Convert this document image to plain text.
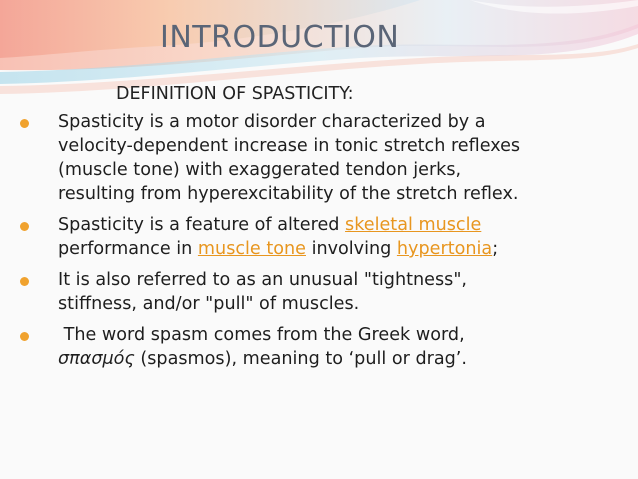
INTRODUCTION
DEFINITION OF SPASTICITY:
Spasticity is a motor disorder characterized by a
velocity-dependent increase in tonic stretch reflexes
(muscle tone) with exaggerated tendon jerks,
resulting from hyperexcitability of the stretch reflex.
Spasticity is a feature of altered skeletal muscle
performance in muscle tone involving hypertonia;
It is also referred to as an unusual "tightness",
stiffness, and/or "pull" of muscles.
The word spasm comes from the Greek word,
σπασμός (spasmos), meaning to ‘pull or drag’.
